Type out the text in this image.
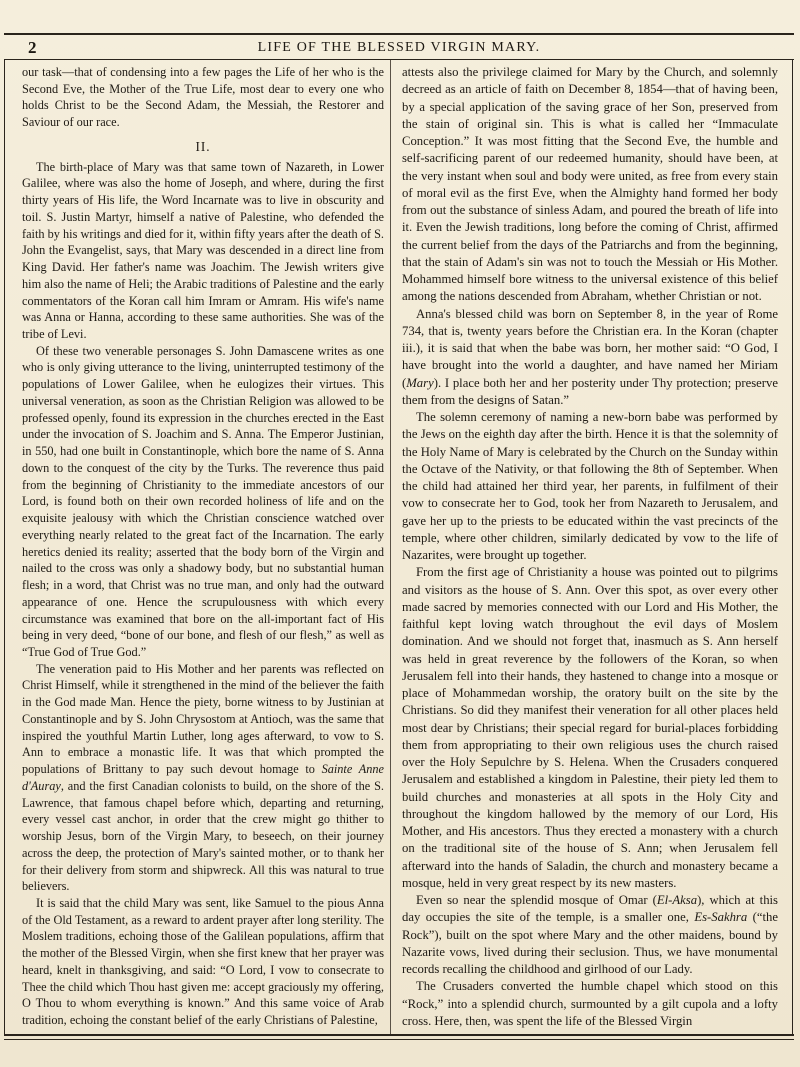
2	LIFE OF THE BLESSED VIRGIN MARY.

our task—that of condensing into a few pages the Life of her who is the Second Eve, the Mother of the True Life, most dear to every one who holds Christ to be the Second Adam, the Messiah, the Restorer and Saviour of our race.

II.

The birth-place of Mary was that same town of Nazareth, in Lower Galilee, where was also the home of Joseph, and where, during the first thirty years of His life, the Word Incarnate was to live in obscurity and toil. S. Justin Martyr, himself a native of Palestine, who defended the faith by his writings and died for it, within fifty years after the death of S. John the Evangelist, says, that Mary was descended in a direct line from King David. Her father's name was Joachim. The Jewish writers give him also the name of Heli; the Arabic traditions of Palestine and the early commentators of the Koran call him Imram or Amram. His wife's name was Anna or Hanna, according to these same authorities. She was of the tribe of Levi.

Of these two venerable personages S. John Damascene writes as one who is only giving utterance to the living, uninterrupted testimony of the populations of Lower Galilee, when he eulogizes their virtues. This universal veneration, as soon as the Christian Religion was allowed to be professed openly, found its expression in the churches erected in the East under the invocation of S. Joachim and S. Anna. The Emperor Justinian, in 550, had one built in Constantinople, which bore the name of S. Anna down to the conquest of the city by the Turks. The reverence thus paid from the beginning of Christianity to the immediate ancestors of our Lord, is found both on their own recorded holiness of life and on the exquisite jealousy with which the Christian conscience watched over everything nearly related to the great fact of the Incarnation. The early heretics denied its reality; asserted that the body born of the Virgin and nailed to the cross was only a shadowy body, but no substantial human flesh; in a word, that Christ was no true man, and only had the outward appearance of one. Hence the scrupulousness with which every circumstance was examined that bore on the all-important fact of His being in very deed, “bone of our bone, and flesh of our flesh,” as well as “True God of True God.”

The veneration paid to His Mother and her parents was reflected on Christ Himself, while it strengthened in the mind of the believer the faith in the God made Man. Hence the piety, borne witness to by Justinian at Constantinople and by S. John Chrysostom at Antioch, was the same that inspired the youthful Martin Luther, long ages afterward, to vow to S. Ann to embrace a monastic life. It was that which prompted the populations of Brittany to pay such devout homage to Sainte Anne d'Auray, and the first Canadian colonists to build, on the shore of the S. Lawrence, that famous chapel before which, departing and returning, every vessel cast anchor, in order that the crew might go thither to worship Jesus, born of the Virgin Mary, to beseech, on their journey across the deep, the protection of Mary's sainted mother, or to thank her for their delivery from storm and shipwreck. All this was natural to true believers.

It is said that the child Mary was sent, like Samuel to the pious Anna of the Old Testament, as a reward to ardent prayer after long sterility. The Moslem traditions, echoing those of the Galilean populations, affirm that the mother of the Blessed Virgin, when she first knew that her prayer was heard, knelt in thanksgiving, and said: “O Lord, I vow to consecrate to Thee the child which Thou hast given me: accept graciously my offering, O Thou to whom everything is known.” And this same voice of Arab tradition, echoing the constant belief of the early Christians of Palestine,

attests also the privilege claimed for Mary by the Church, and solemnly decreed as an article of faith on December 8, 1854—that of having been, by a special application of the saving grace of her Son, preserved from the stain of original sin. This is what is called her “Immaculate Conception.” It was most fitting that the Second Eve, the humble and self-sacrificing parent of our redeemed humanity, should have been, at the very instant when soul and body were united, as free from every stain of moral evil as the first Eve, when the Almighty hand formed her body from out the substance of sinless Adam, and poured the breath of life into it. Even the Jewish traditions, long before the coming of Christ, affirmed the current belief from the days of the Patriarchs and from the beginning, that the stain of Adam's sin was not to touch the Messiah or His Mother. Mohammed himself bore witness to the universal existence of this belief among the nations descended from Abraham, whether Christian or not.

Anna's blessed child was born on September 8, in the year of Rome 734, that is, twenty years before the Christian era. In the Koran (chapter iii.), it is said that when the babe was born, her mother said: “O God, I have brought into the world a daughter, and have named her Miriam (Mary). I place both her and her posterity under Thy protection; preserve them from the designs of Satan.”

The solemn ceremony of naming a new-born babe was performed by the Jews on the eighth day after the birth. Hence it is that the solemnity of the Holy Name of Mary is celebrated by the Church on the Sunday within the Octave of the Nativity, or that following the 8th of September. When the child had attained her third year, her parents, in fulfilment of their vow to consecrate her to God, took her from Nazareth to Jerusalem, and gave her up to the priests to be educated within the vast precincts of the temple, where other children, similarly dedicated by vow to the life of Nazarites, were brought up together.

From the first age of Christianity a house was pointed out to pilgrims and visitors as the house of S. Ann. Over this spot, as over every other made sacred by memories connected with our Lord and His Mother, the faithful kept loving watch throughout the evil days of Moslem domination. And we should not forget that, inasmuch as S. Ann herself was held in great reverence by the followers of the Koran, so when Jerusalem fell into their hands, they hastened to change into a mosque or place of Mohammedan worship, the oratory built on the site by the Christians. So did they manifest their veneration for all other places held most dear by Christians; their special regard for burial-places forbidding them from appropriating to their own religious uses the church raised over the Holy Sepulchre by S. Helena. When the Crusaders conquered Jerusalem and established a kingdom in Palestine, their piety led them to build churches and monasteries at all spots in the Holy City and throughout the kingdom hallowed by the memory of our Lord, His Mother, and His ancestors. Thus they erected a monastery with a church on the traditional site of the house of S. Ann; when Jerusalem fell afterward into the hands of Saladin, the church and monastery became a mosque, held in very great respect by its new masters.

Even so near the splendid mosque of Omar (El-Aksa), which at this day occupies the site of the temple, is a smaller one, Es-Sakhra (“the Rock”), built on the spot where Mary and the other maidens, bound by Nazarite vows, lived during their seclusion. Thus, we have monumental records recalling the childhood and girlhood of our Lady.

The Crusaders converted the humble chapel which stood on this “Rock,” into a splendid church, surmounted by a gilt cupola and a lofty cross. Here, then, was spent the life of the Blessed Virgin
